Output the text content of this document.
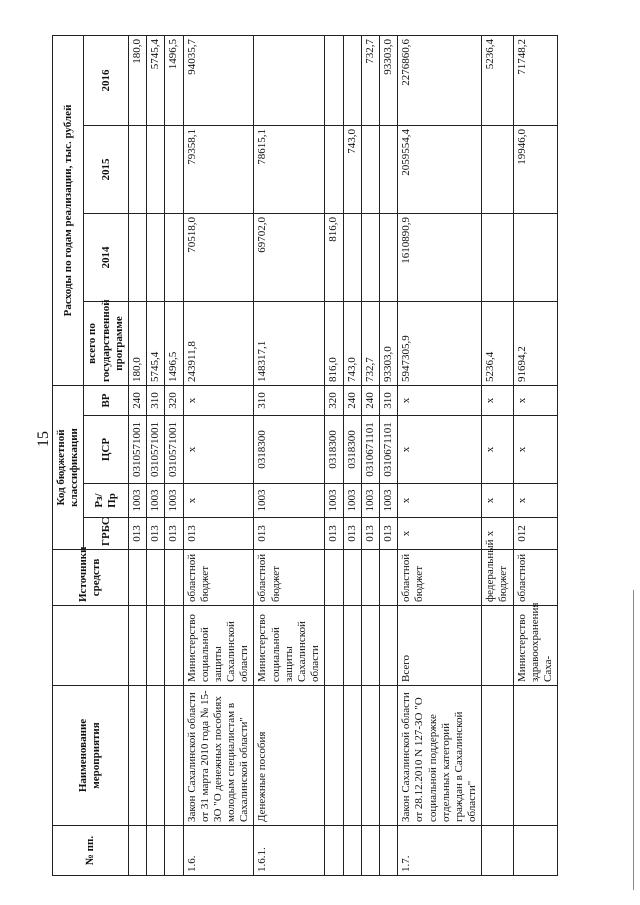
15
№ пп.	Наименование мероприятия		Источники средств	Код бюджетной классификации				Расходы по годам реализации, тыс. рублей			
				ГРБС	Рз/Пр	ЦСР	ВР	всего по государственной программе	2014	2015	2016
				013	1003	0310571001	240	180,0			180,0
				013	1003	0310571001	310	5745,4			5745,4
				013	1003	0310571001	320	1496,5			1496,5
1.6.	Закон Сахалинской области от 31 марта 2010 года № 15-ЗО "О денежных пособиях молодым специалистам в Сахалинской области"	Министерство социальной защиты Сахалинской области	областной бюджет	013	х	х	х	243911,8	70518,0	79358,1	94035,7
1.6.1.	Денежные пособия	Министерство социальной защиты Сахалинской области	областной бюджет	013	1003	0318300	310	148317,1	69702,0	78615,1	
				013	1003	0318300	320	816,0	816,0		
				013	1003	0318300	240	743,0		743,0	
				013	1003	0310671101	240	732,7			732,7
				013	1003	0310671101	310	93303,0			93303,0
1.7.	Закон Сахалинской области от 28.12.2010 N 127-ЗО "О социальной поддержке отдельных категорий граждан в Сахалинской области"	Всего	областной бюджет	х	х	х	х	5947305,9	1610890,9	2059554,4	2276860,6
			федеральный бюджет	х	х	х	х	5236,4			5236,4
		Министерство здравоохранения Саха-	областной	012	х	х	х	91694,2		19946,0	71748,2
